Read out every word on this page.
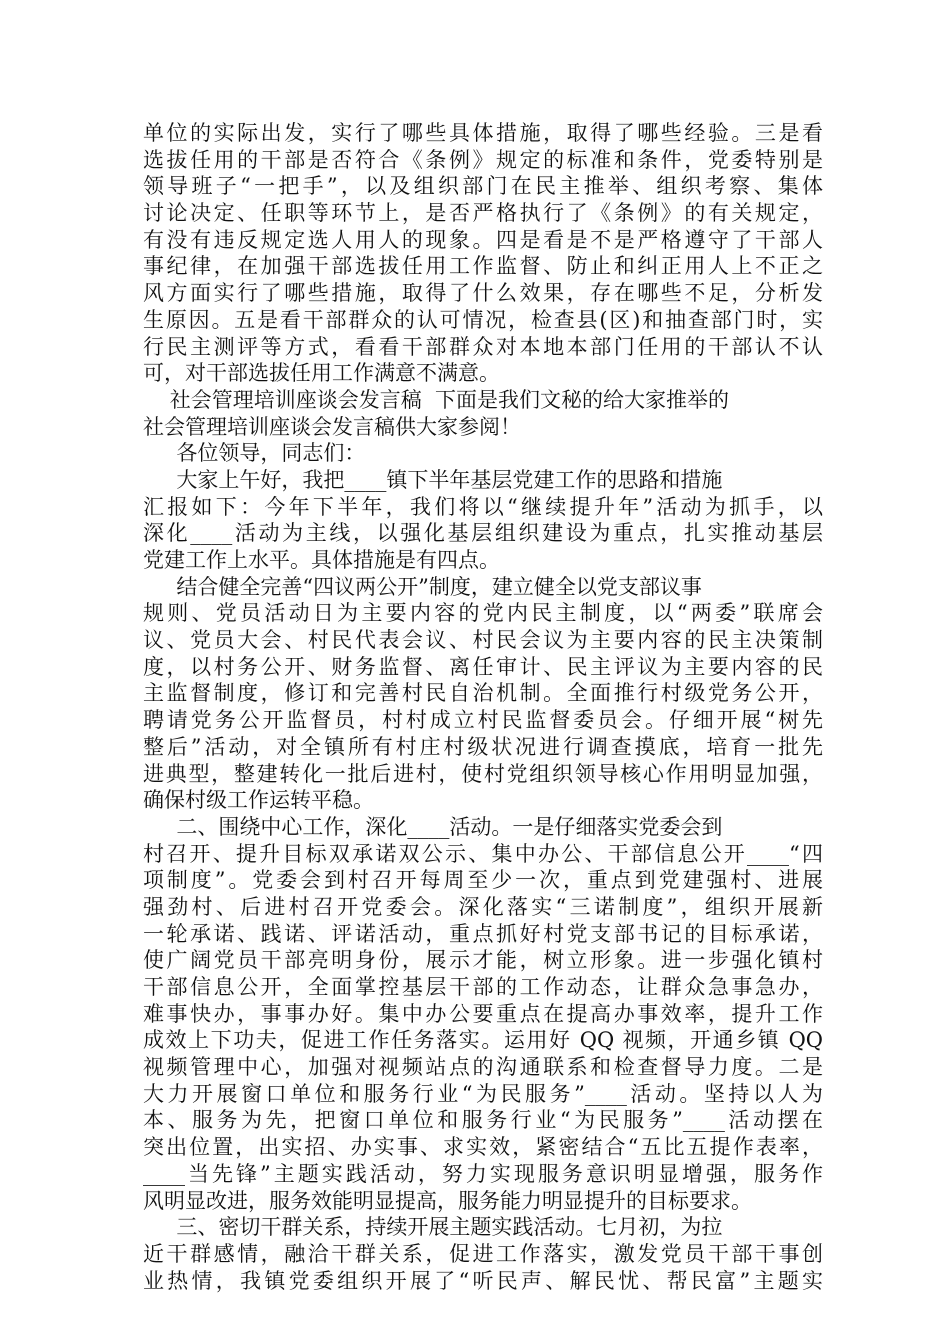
单位的实际出发，实行了哪些具体措施，取得了哪些经验。三是看
选拔任用的干部是否符合《条例》规定的标准和条件，党委特别是
领导班子“一把手”，以及组织部门在民主推举、组织考察、集体
讨论决定、任职等环节上，是否严格执行了《条例》的有关规定，
有没有违反规定选人用人的现象。四是看是不是严格遵守了干部人
事纪律，在加强干部选拔任用工作监督、防止和纠正用人上不正之
风方面实行了哪些措施，取得了什么效果，存在哪些不足，分析发
生原因。五是看干部群众的认可情况，检查县(区)和抽查部门时，实
行民主测评等方式，看看干部群众对本地本部门任用的干部认不认
可，对干部选拔任用工作满意不满意。
社会管理培训座谈会发言稿  下面是我们文秘的给大家推举的
社会管理培训座谈会发言稿供大家参阅！
各位领导，同志们：
大家上午好，我把____镇下半年基层党建工作的思路和措施
汇报如下：今年下半年，我们将以“继续提升年”活动为抓手，以
深化____活动为主线，以强化基层组织建设为重点，扎实推动基层
党建工作上水平。具体措施是有四点。
结合健全完善“四议两公开”制度，建立健全以党支部议事
规则、党员活动日为主要内容的党内民主制度，以“两委”联席会
议、党员大会、村民代表会议、村民会议为主要内容的民主决策制
度，以村务公开、财务监督、离任审计、民主评议为主要内容的民
主监督制度，修订和完善村民自治机制。全面推行村级党务公开，
聘请党务公开监督员，村村成立村民监督委员会。仔细开展“树先
整后”活动，对全镇所有村庄村级状况进行调查摸底，培育一批先
进典型，整建转化一批后进村，使村党组织领导核心作用明显加强，
确保村级工作运转平稳。
二、围绕中心工作，深化____活动。一是仔细落实党委会到
村召开、提升目标双承诺双公示、集中办公、干部信息公开____“四
项制度”。党委会到村召开每周至少一次，重点到党建强村、进展
强劲村、后进村召开党委会。深化落实“三诺制度”，组织开展新
一轮承诺、践诺、评诺活动，重点抓好村党支部书记的目标承诺，
使广阔党员干部亮明身份，展示才能，树立形象。进一步强化镇村
干部信息公开，全面掌控基层干部的工作动态，让群众急事急办，
难事快办，事事办好。集中办公要重点在提高办事效率，提升工作
成效上下功夫，促进工作任务落实。运用好 QQ 视频，开通乡镇 QQ
视频管理中心，加强对视频站点的沟通联系和检查督导力度。二是
大力开展窗口单位和服务行业“为民服务”____活动。坚持以人为
本、服务为先，把窗口单位和服务行业“为民服务”____活动摆在
突出位置，出实招、办实事、求实效，紧密结合“五比五提作表率，
____当先锋”主题实践活动，努力实现服务意识明显增强，服务作
风明显改进，服务效能明显提高，服务能力明显提升的目标要求。
三、密切干群关系，持续开展主题实践活动。七月初，为拉
近干群感情，融洽干群关系，促进工作落实，激发党员干部干事创
业热情，我镇党委组织开展了“听民声、解民忧、帮民富”主题实
